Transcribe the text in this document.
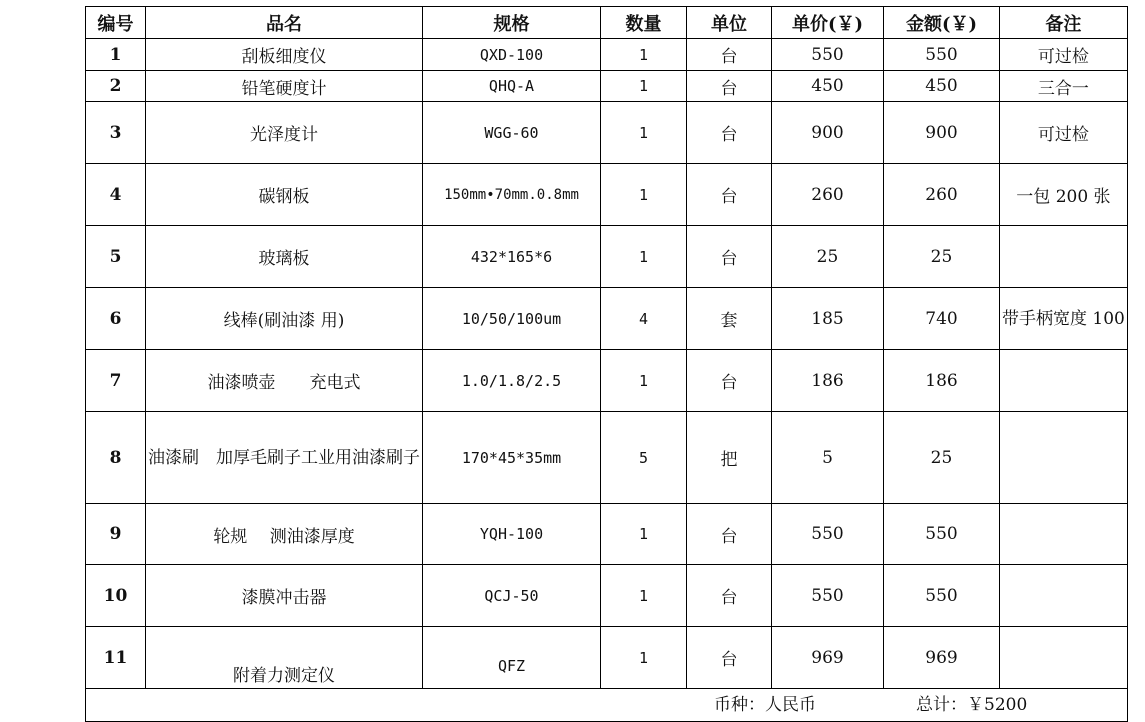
编号	品名	规格	数量	单位	单价(￥)	金额(￥)	备注
1	刮板细度仪	QXD-100	1	台	550	550	可过检
2	铅笔硬度计	QHQ-A	1	台	450	450	三合一
3	光泽度计	WGG-60	1	台	900	900	可过检
4	碳钢板	150mm•70mm.0.8mm	1	台	260	260	一包 200 张
5	玻璃板	432*165*6	1	台	25	25	
6	线棒(刷油漆 用)	10/50/100um	4	套	185	740	带手柄宽度 100
7	油漆喷壶　　充电式	1.0/1.8/2.5	1	台	186	186	
8	油漆刷　加厚毛刷子工业用油漆刷子	170*45*35mm	5	把	5	25	
9	轮规　 测油漆厚度	YQH-100	1	台	550	550	
10	漆膜冲击器	QCJ-50	1	台	550	550	
11	附着力测定仪	QFZ	1	台	969	969	

币种：人民币 总计：￥5200							
